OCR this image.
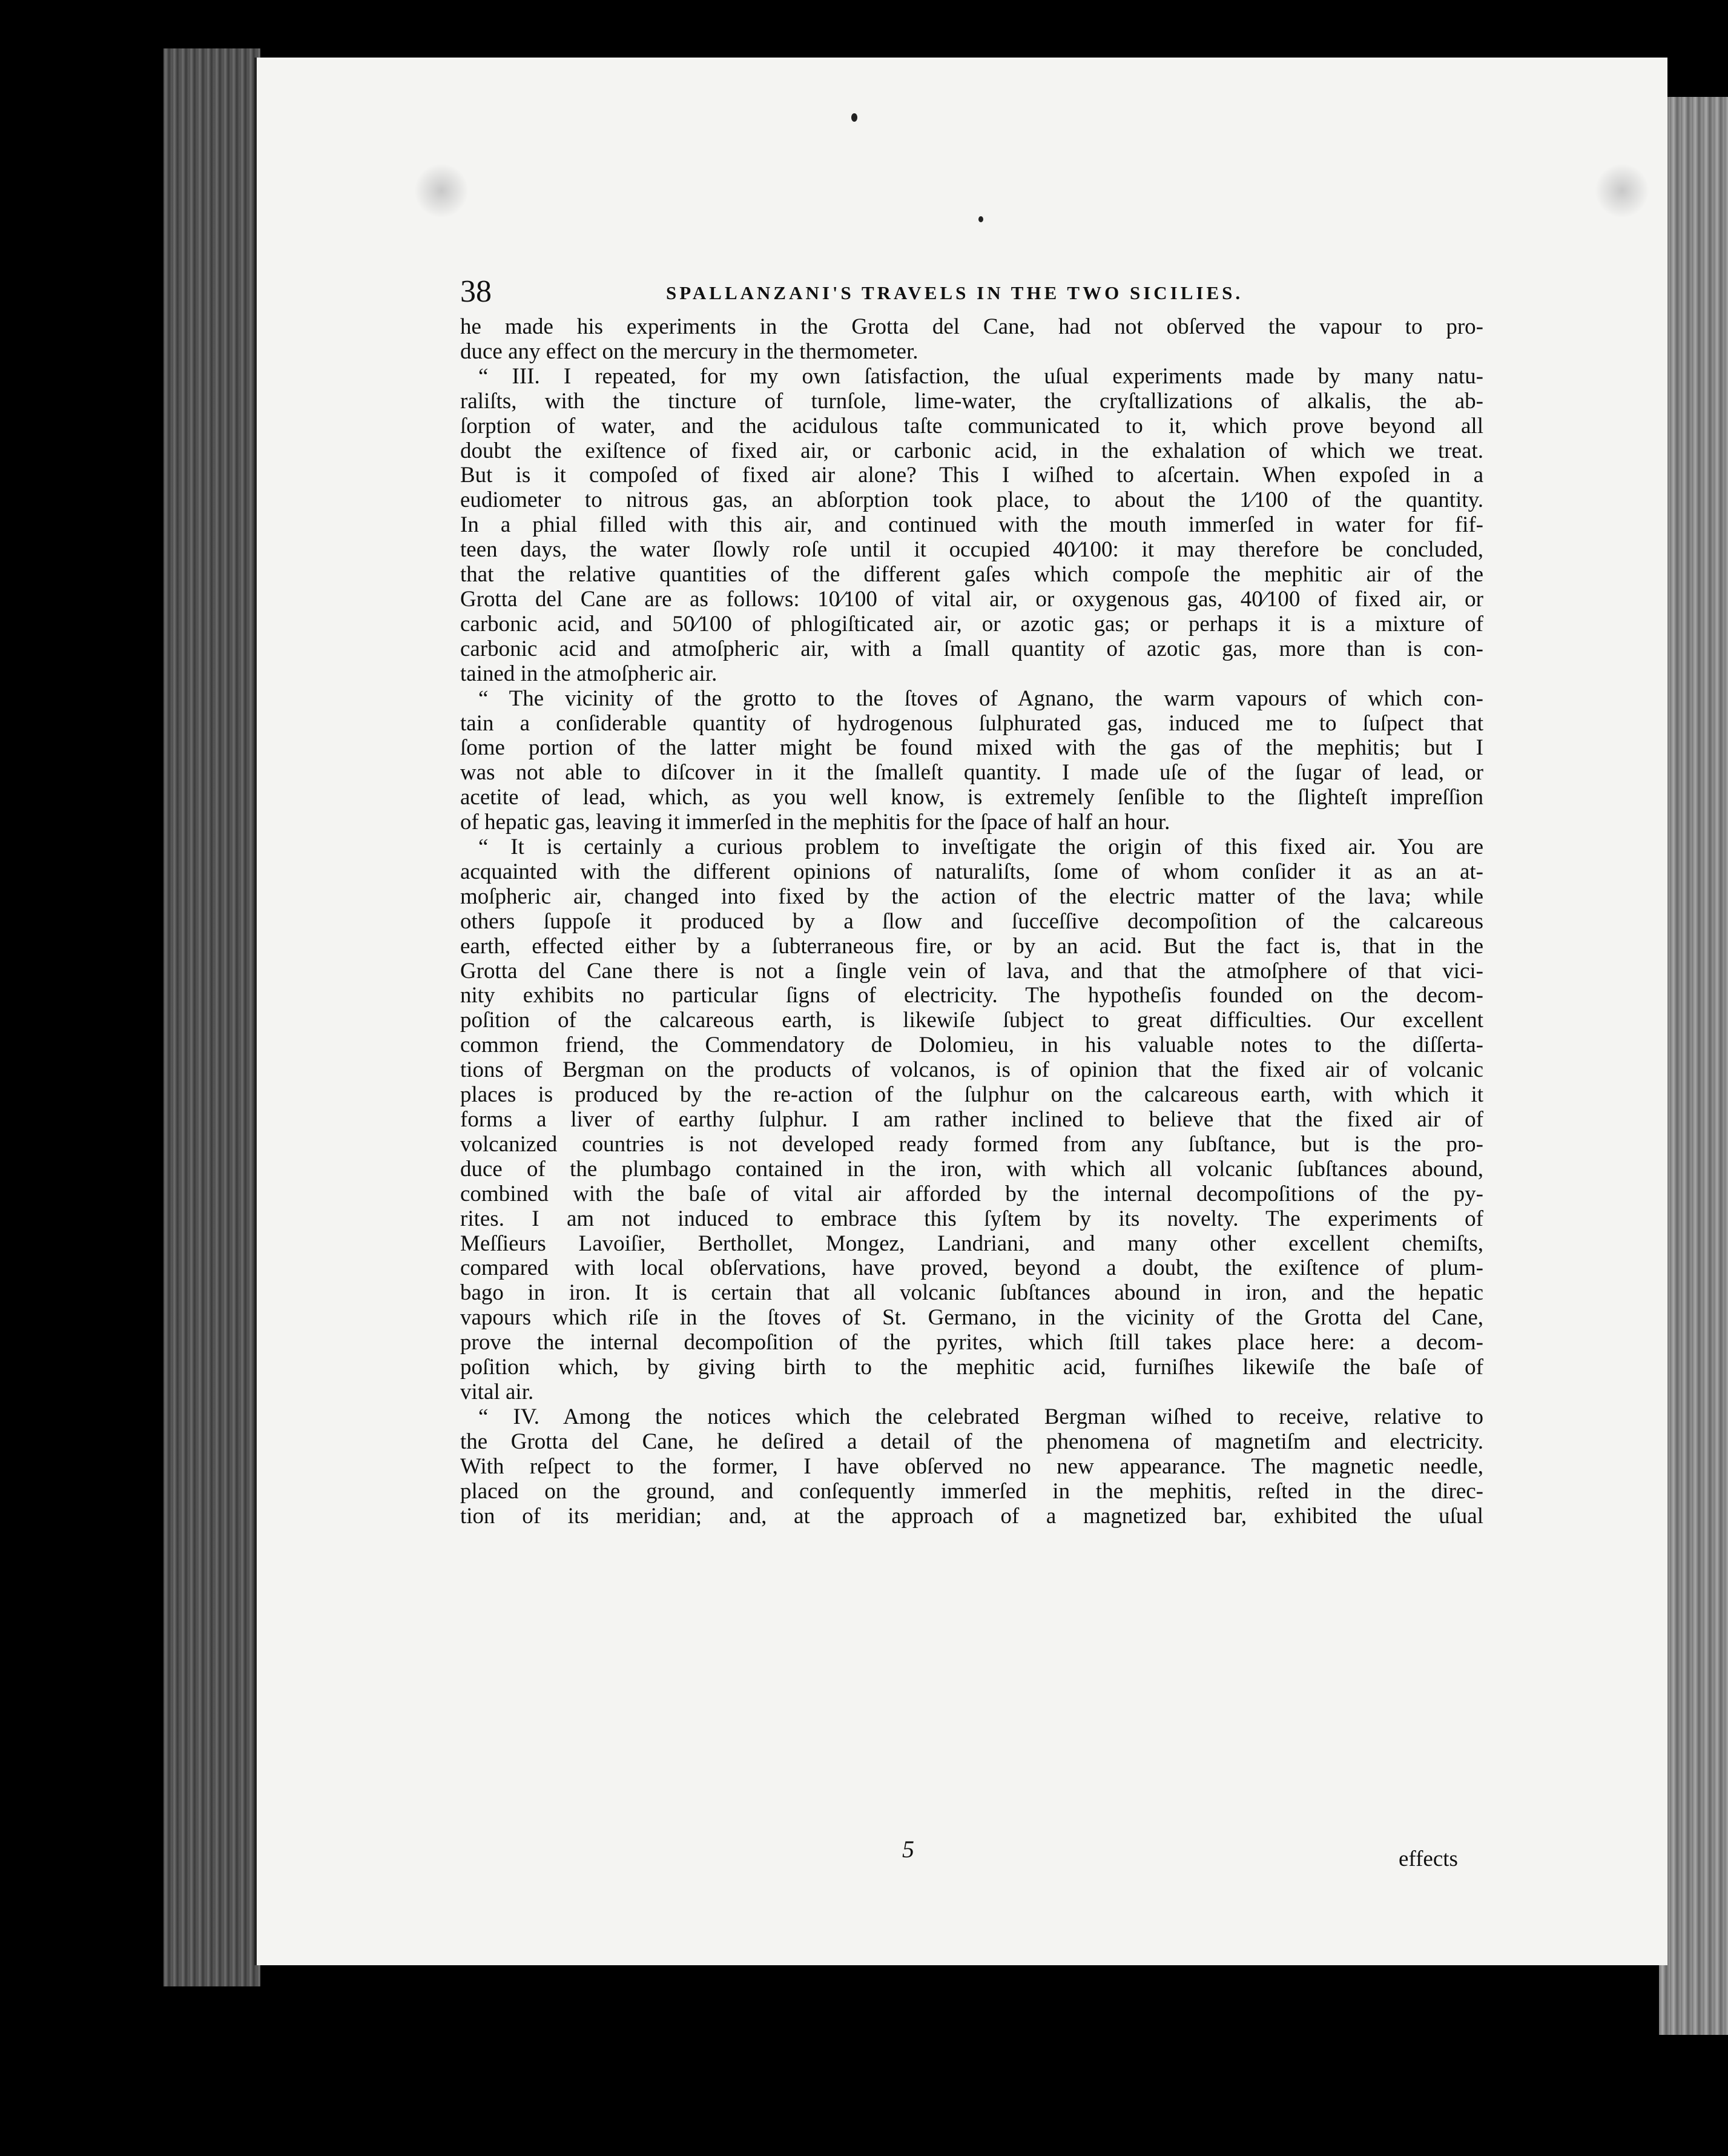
38	SPALLANZANI'S TRAVELS IN THE TWO SICILIES.
he made his experiments in the Grotta del Cane, had not obſerved the vapour to pro-
duce any effect on the mercury in the thermometer.
“ III. I repeated, for my own ſatisfaction, the uſual experiments made by many natu-
raliſts, with the tincture of turnſole, lime-water, the cryſtallizations of alkalis, the ab-
ſorption of water, and the acidulous taſte communicated to it, which prove beyond all
doubt the exiſtence of fixed air, or carbonic acid, in the exhalation of which we treat.
But is it compoſed of fixed air alone? This I wiſhed to aſcertain. When expoſed in a
eudiometer to nitrous gas, an abſorption took place, to about the 1⁄100 of the quantity.
In a phial filled with this air, and continued with the mouth immerſed in water for fif-
teen days, the water ſlowly roſe until it occupied 40⁄100: it may therefore be concluded,
that the relative quantities of the different gaſes which compoſe the mephitic air of the
Grotta del Cane are as follows: 10⁄100 of vital air, or oxygenous gas, 40⁄100 of fixed air, or
carbonic acid, and 50⁄100 of phlogiſticated air, or azotic gas; or perhaps it is a mixture of
carbonic acid and atmoſpheric air, with a ſmall quantity of azotic gas, more than is con-
tained in the atmoſpheric air.
“ The vicinity of the grotto to the ſtoves of Agnano, the warm vapours of which con-
tain a conſiderable quantity of hydrogenous ſulphurated gas, induced me to ſuſpect that
ſome portion of the latter might be found mixed with the gas of the mephitis; but I
was not able to diſcover in it the ſmalleſt quantity. I made uſe of the ſugar of lead, or
acetite of lead, which, as you well know, is extremely ſenſible to the ſlighteſt impreſſion
of hepatic gas, leaving it immerſed in the mephitis for the ſpace of half an hour.
“ It is certainly a curious problem to inveſtigate the origin of this fixed air. You are
acquainted with the different opinions of naturaliſts, ſome of whom conſider it as an at-
moſpheric air, changed into fixed by the action of the electric matter of the lava; while
others ſuppoſe it produced by a ſlow and ſucceſſive decompoſition of the calcareous
earth, effected either by a ſubterraneous fire, or by an acid. But the fact is, that in the
Grotta del Cane there is not a ſingle vein of lava, and that the atmoſphere of that vici-
nity exhibits no particular ſigns of electricity. The hypotheſis founded on the decom-
poſition of the calcareous earth, is likewiſe ſubject to great difficulties. Our excellent
common friend, the Commendatory de Dolomieu, in his valuable notes to the diſſerta-
tions of Bergman on the products of volcanos, is of opinion that the fixed air of volcanic
places is produced by the re-action of the ſulphur on the calcareous earth, with which it
forms a liver of earthy ſulphur. I am rather inclined to believe that the fixed air of
volcanized countries is not developed ready formed from any ſubſtance, but is the pro-
duce of the plumbago contained in the iron, with which all volcanic ſubſtances abound,
combined with the baſe of vital air afforded by the internal decompoſitions of the py-
rites. I am not induced to embrace this ſyſtem by its novelty. The experiments of
Meſſieurs Lavoiſier, Berthollet, Mongez, Landriani, and many other excellent chemiſts,
compared with local obſervations, have proved, beyond a doubt, the exiſtence of plum-
bago in iron. It is certain that all volcanic ſubſtances abound in iron, and the hepatic
vapours which riſe in the ſtoves of St. Germano, in the vicinity of the Grotta del Cane,
prove the internal decompoſition of the pyrites, which ſtill takes place here: a decom-
poſition which, by giving birth to the mephitic acid, furniſhes likewiſe the baſe of
vital air.
“ IV. Among the notices which the celebrated Bergman wiſhed to receive, relative to
the Grotta del Cane, he deſired a detail of the phenomena of magnetiſm and electricity.
With reſpect to the former, I have obſerved no new appearance. The magnetic needle,
placed on the ground, and conſequently immerſed in the mephitis, reſted in the direc-
tion of its meridian; and, at the approach of a magnetized bar, exhibited the uſual
5	effects
